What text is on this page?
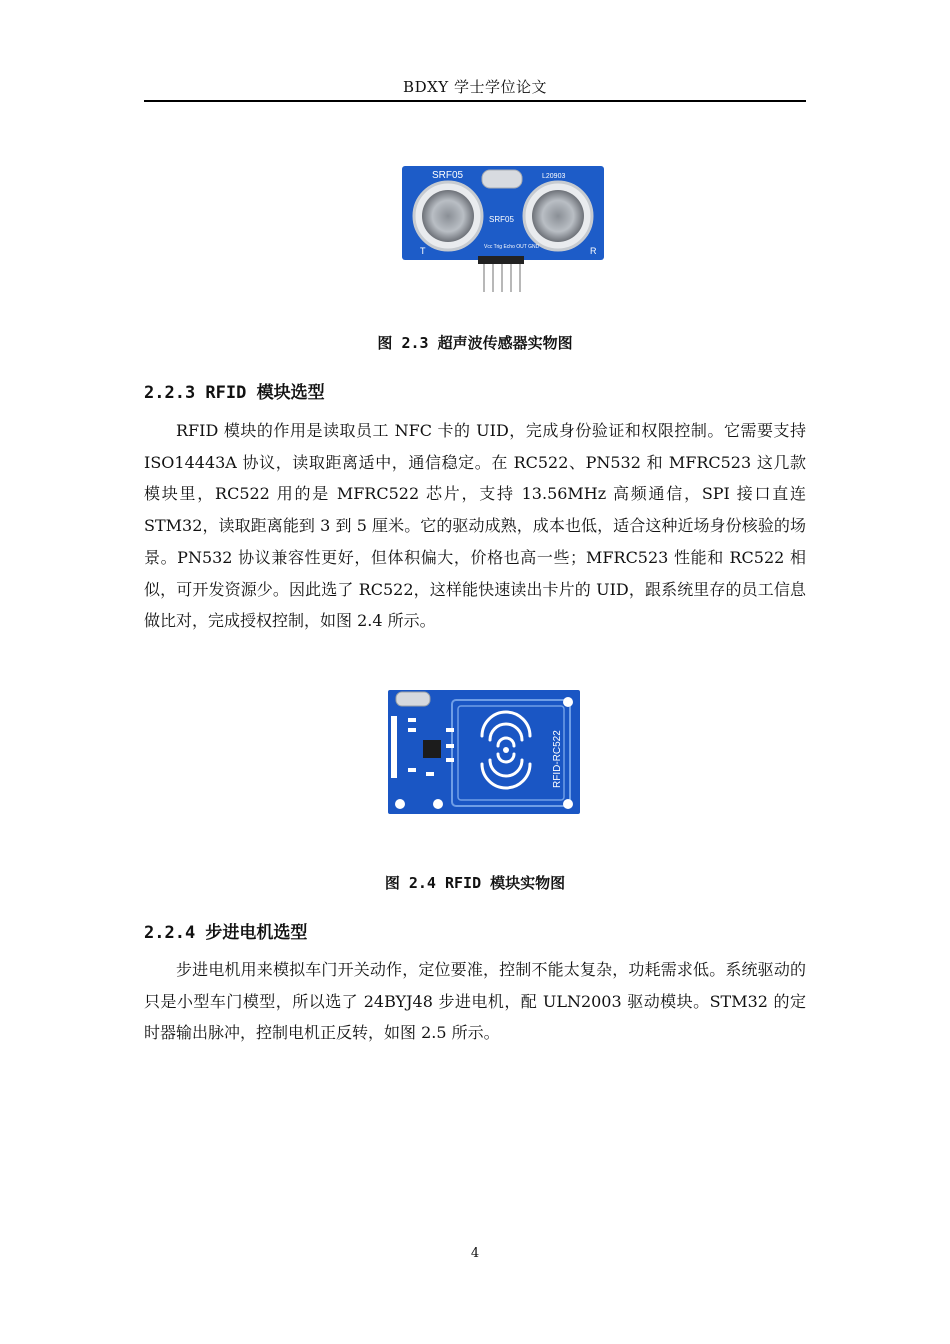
BDXY 学士学位论文
SRF05	L20903
SRF05
T	R
Vcc Trig Echo OUT GND
图 2.3 超声波传感器实物图
2.2.3 RFID 模块选型

RFID 模块的作用是读取员工 NFC 卡的 UID，完成身份验证和权限控制。它需要支持 ISO14443A 协议，读取距离适中，通信稳定。在 RC522、PN532 和 MFRC523 这几款模块里，RC522 用的是 MFRC522 芯片，支持 13.56MHz 高频通信，SPI 接口直连 STM32，读取距离能到 3 到 5 厘米。它的驱动成熟，成本也低，适合这种近场身份核验的场景。PN532 协议兼容性更好，但体积偏大，价格也高一些；MFRC523 性能和 RC522 相似，可开发资源少。因此选了 RC522，这样能快速读出卡片的 UID，跟系统里存的员工信息做比对，完成授权控制，如图 2.4 所示。

RFID-RC522
图 2.4 RFID 模块实物图
2.2.4 步进电机选型

步进电机用来模拟车门开关动作，定位要准，控制不能太复杂，功耗需求低。系统驱动的只是小型车门模型，所以选了 24BYJ48 步进电机，配 ULN2003 驱动模块。STM32 的定时器输出脉冲，控制电机正反转，如图 2.5 所示。

4
